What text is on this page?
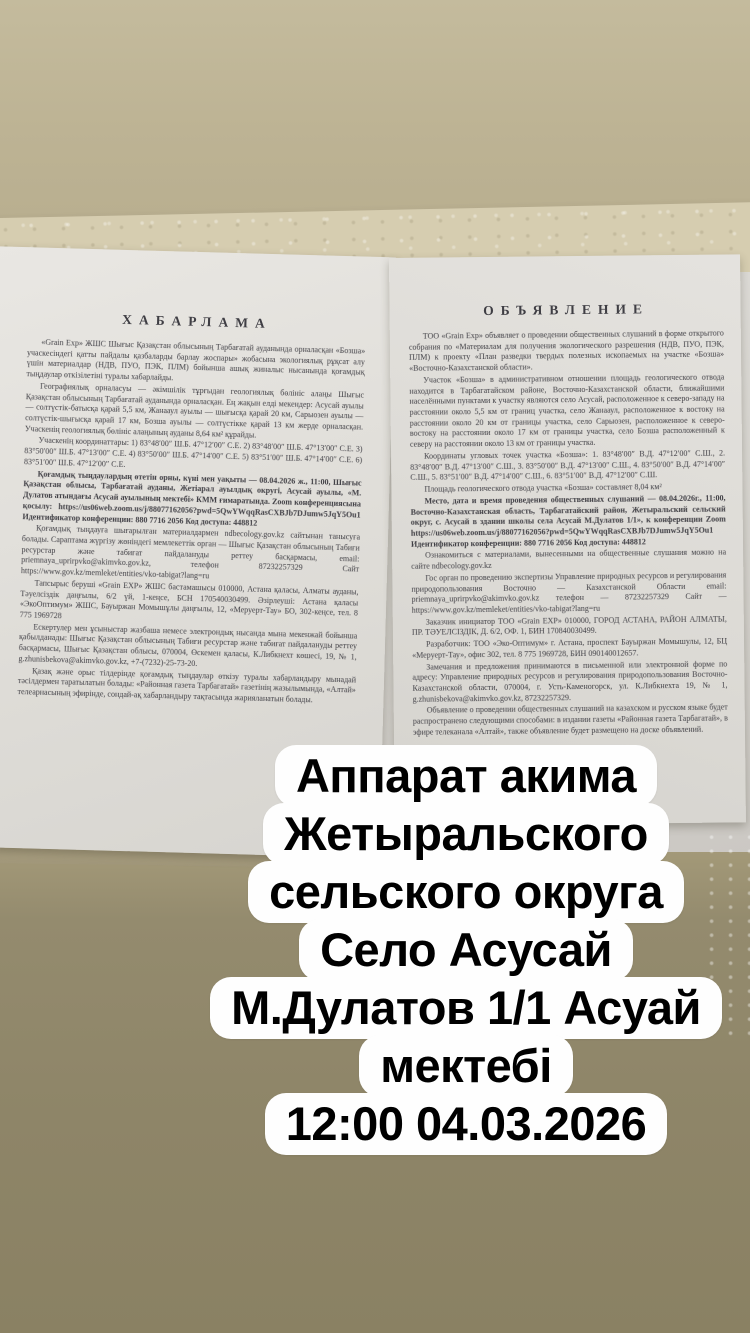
ХАБАРЛАМА

«Grain Exp» ЖШС Шығыс Қазақстан облысының Тарбағатай ауданында орналасқан «Бозша» учаскесіндегі қатты пайдалы қазбаларды барлау жоспары» жобасына экологиялық рұқсат алу үшін материалдар (НДВ, ПУО, ПЭК, ПЛМ) бойынша ашық жиналыс нысанында қоғамдық тыңдаулар өткізілетіні туралы хабарлайды.

Географиялық орналасуы — әкімшілік тұрғыдан геологиялық бөлініс алаңы Шығыс Қазақстан облысының Тарбағатай ауданында орналасқан. Ең жақын елді мекендер: Асусай ауылы — солтүстік-батысқа қарай 5,5 км, Жанааул ауылы — шығысқа қарай 20 км, Сарыозен ауылы — солтүстік-шығысқа қарай 17 км, Бозша ауылы — солтүстікке қарай 13 км жерде орналасқан. Учаскенің геологиялық бөлініс алаңының ауданы 8,64 км² құрайды.

Учаскенің координаттары: 1) 83°48′00″ Ш.Б. 47°12′00″ С.Е. 2) 83°48′00″ Ш.Б. 47°13′00″ С.Е. 3) 83°50′00″ Ш.Б. 47°13′00″ С.Е. 4) 83°50′00″ Ш.Б. 47°14′00″ С.Е. 5) 83°51′00″ Ш.Б. 47°14′00″ С.Е. 6) 83°51′00″ Ш.Б. 47°12′00″ С.Е.

Қоғамдық тыңдаулардың өтетін орны, күні мен уақыты — 08.04.2026 ж., 11:00, Шығыс Қазақстан облысы, Тарбағатай ауданы, Жетіарал ауылдық округі, Асусай ауылы, «М. Дулатов атындағы Асусай ауылының мектебі» КММ ғимаратында. Zoom конференциясына қосылу: https://us06web.zoom.us/j/88077162056?pwd=5QwYWqqRasCXBJb7DJumw5JqY5Ou1 Идентификатор конференции: 880 7716 2056 Код доступа: 448812

Қоғамдық тыңдауға шығарылған материалдармен ndbecology.gov.kz сайтынан танысуға болады. Сараптама жүргізу жөніндегі мемлекеттік орган — Шығыс Қазақстан облысының Табиғи ресурстар және табиғат пайдалануды реттеу басқармасы, email: priemnaya_uprirpvko@akimvko.gov.kz, телефон 87232257329 Сайт https://www.gov.kz/memleket/entities/vko-tabigat?lang=ru

Тапсырыс беруші «Grain EXP» ЖШС бастамашысы 010000, Астана қаласы, Алматы ауданы, Тәуелсіздік даңғылы, 6/2 үй, 1-кеңсе, БСН 170540030499. Әзірлеуші: Астана қаласы «ЭкоОптимум» ЖШС, Бауыржан Момышұлы даңғылы, 12, «Меруерт-Тау» БО, 302-кеңсе, тел. 8 775 1969728

Ескертулер мен ұсыныстар жазбаша немесе электрондық нысанда мына мекенжай бойынша қабылданады: Шығыс Қазақстан облысының Табиғи ресурстар және табиғат пайдалануды реттеу басқармасы, Шығыс Қазақстан облысы, 070004, Өскемен қаласы, К.Либкнехт көшесі, 19, № 1, g.zhunisbekova@akimvko.gov.kz, +7-(7232)-25-73-20.

Қазақ және орыс тілдерінде қоғамдық тыңдаулар өткізу туралы хабарландыру мынадай тәсілдермен таратылатын болады: «Районная газета Тарбагатай» газетінің жазылымында, «Алтай» телеарнасының эфирінде, сондай-ақ хабарландыру тақтасында жарияланатын болады.

ОБЪЯВЛЕНИЕ

ТОО «Grain Exp» объявляет о проведении общественных слушаний в форме открытого собрания по «Материалам для получения экологического разрешения (НДВ, ПУО, ПЭК, ПЛМ) к проекту «План разведки твердых полезных ископаемых на участке «Бозша» «Восточно-Казахстанской области».

Участок «Бозша» в административном отношении площадь геологического отвода находится в Тарбагатайском районе, Восточно-Казахстанской области, ближайшими населёнными пунктами к участку являются село Асусай, расположенное к северо-западу на расстоянии около 5,5 км от границ участка, село Жанааул, расположенное к востоку на расстоянии около 20 км от границы участка, село Сарыозен, расположенное к северо-востоку на расстоянии около 17 км от границы участка, село Бозша расположенный к северу на расстоянии около 13 км от границы участка.

Координаты угловых точек участка «Бозша»: 1. 83°48′00″ В.Д. 47°12′00″ С.Ш., 2. 83°48′00″ В.Д. 47°13′00″ С.Ш., 3. 83°50′00″ В.Д. 47°13′00″ С.Ш., 4. 83°50′00″ В.Д. 47°14′00″ С.Ш., 5. 83°51′00″ В.Д. 47°14′00″ С.Ш., 6. 83°51′00″ В.Д. 47°12′00″ С.Ш.

Площадь геологического отвода участка «Бозша» составляет 8,04 км²

Место, дата и время проведения общественных слушаний — 08.04.2026г., 11:00, Восточно-Казахстанская область, Тарбагатайский район, Жетыральский сельский округ, с. Асусай в здании школы села Асусай М.Дулатов 1/1», к конференции Zoom https://us06web.zoom.us/j/88077162056?pwd=5QwYWqqRasCXBJb7DJumw5JqY5Ou1 Идентификатор конференции: 880 7716 2056 Код доступа: 448812

Ознакомиться с материалами, вынесенными на общественные слушания можно на сайте ndbecology.gov.kz

Гос орган по проведению экспертизы Управление природных ресурсов и регулирования природопользования Восточно — Казахстанской Области email: priemnaya_uprirpvko@akimvko.gov.kz телефон — 87232257329 Сайт — https://www.gov.kz/memleket/entities/vko-tabigat?lang=ru

Заказчик инициатор ТОО «Grain EXP» 010000, ГОРОД АСТАНА, РАЙОН АЛМАТЫ, ПР. ТӘУЕЛСІЗДІК, Д. 6/2, ОФ. 1, БИН 170840030499.

Разработчик: ТОО «Эко-Оптимум» г. Астана, проспект Бауыржан Момышулы, 12, БЦ «Меруерт-Тау», офис 302, тел. 8 775 1969728, БИН 090140012657.

Замечания и предложения принимаются в письменной или электронной форме по адресу: Управление природных ресурсов и регулирования природопользования Восточно-Казахстанской области, 070004, г. Усть-Каменогорск, ул. К.Либкнехта 19, № 1, g.zhunisbekova@akimvko.gov.kz, 87232257329.

Объявление о проведении общественных слушаний на казахском и русском языке будет распространено следующими способами: в издании газеты «Районная газета Тарбагатай», в эфире телеканала «Алтай», также объявление будет размещено на доске объявлений.

Аппарат акима
Жетыральского
сельского округа
Село Асусай
М.Дулатов 1/1 Асуай
мектебі
12:00 04.03.2026
